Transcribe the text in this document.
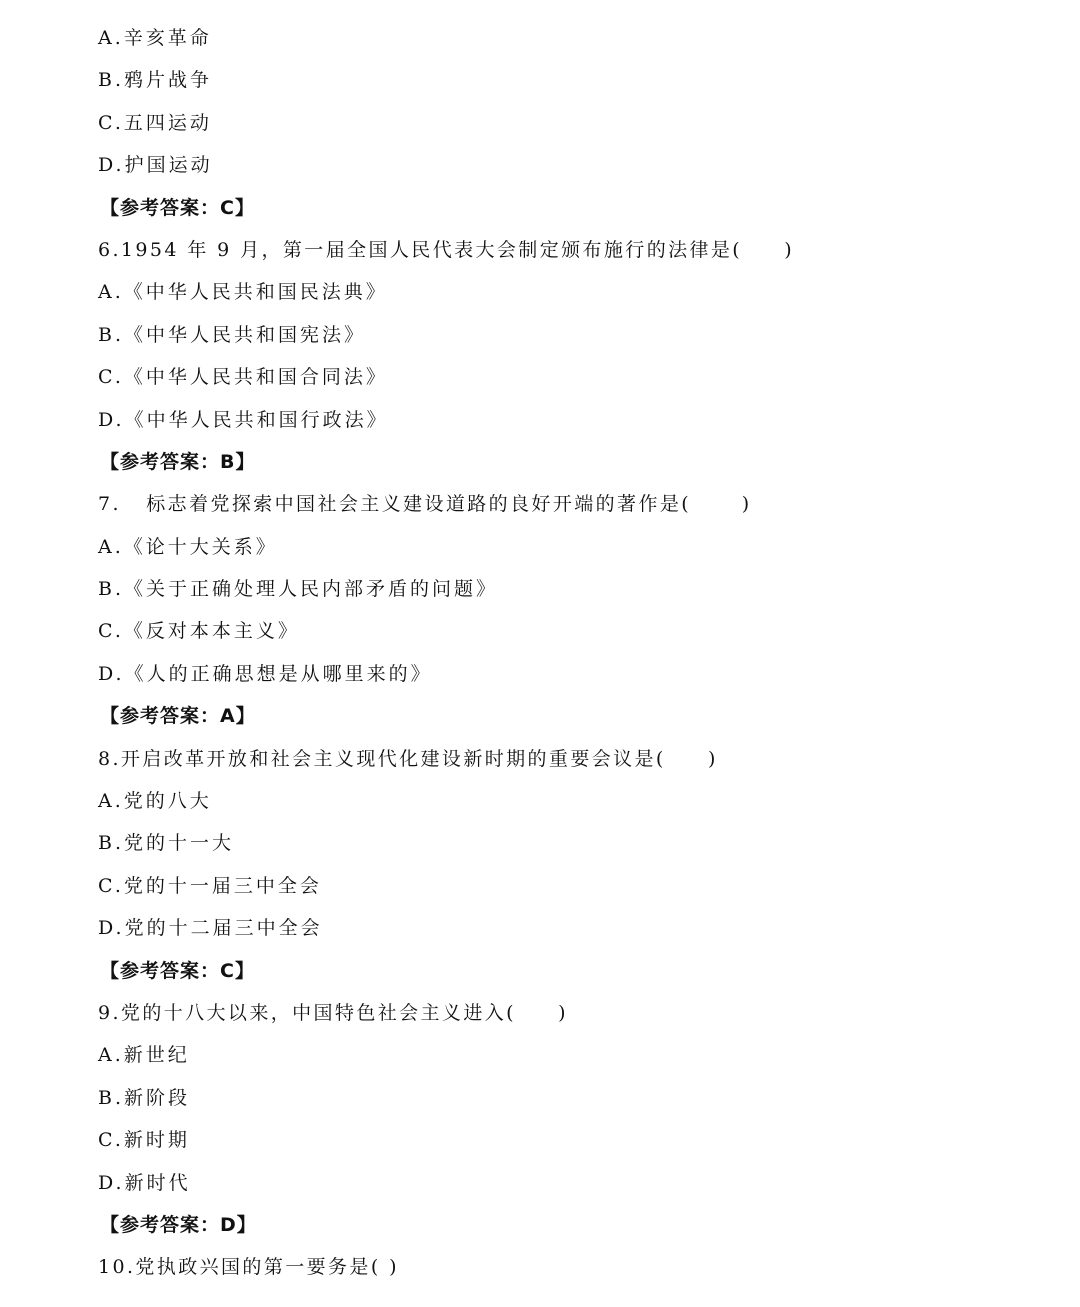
A.辛亥革命
B.鸦片战争
C.五四运动
D.护国运动
【参考答案：C】
6.1954 年 9 月，第一届全国人民代表大会制定颁布施行的法律是(     )
A.《中华人民共和国民法典》
B.《中华人民共和国宪法》
C.《中华人民共和国合同法》
D.《中华人民共和国行政法》
【参考答案：B】
7.   标志着党探索中国社会主义建设道路的良好开端的著作是(      )
A.《论十大关系》
B.《关于正确处理人民内部矛盾的问题》
C.《反对本本主义》
D.《人的正确思想是从哪里来的》
【参考答案：A】
8.开启改革开放和社会主义现代化建设新时期的重要会议是(     )
A.党的八大
B.党的十一大
C.党的十一届三中全会
D.党的十二届三中全会
【参考答案：C】
9.党的十八大以来，中国特色社会主义进入(     )
A.新世纪
B.新阶段
C.新时期
D.新时代
【参考答案：D】
10.党执政兴国的第一要务是( )
